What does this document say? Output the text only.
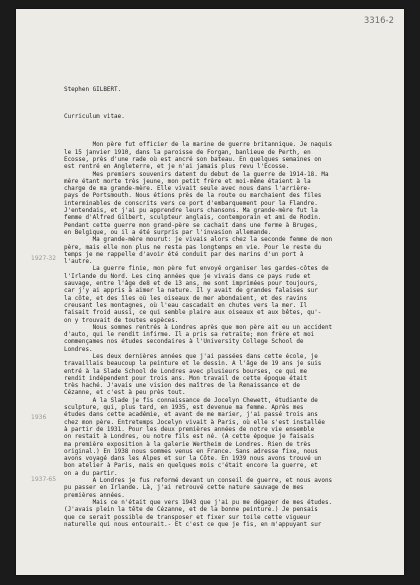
3316-2
1927-32
1936
1937-65

Stephen GILBERT.

Curriculum vitae.

Mon père fut officier de la marine de guerre britannique. Je naquis
le 15 janvier 1910, dans la paroisse de Forgan, banlieue de Perth, en
Ecosse, près d'une rade où est ancré son bateau. En quelques semaines on
est rentré en Angleterre, et je n'ai jamais plus revu l'Ecosse.
Mes premiers souvenirs datent du debut de la guerre de 1914-18. Ma
mère étant morte très jeune, mon petit frère et moi-même étaient à la
charge de ma grande-mère. Elle vivait seule avec nous dans l'arrière-
pays de Portsmouth. Nous étions près de la route ou marchaient des files
interminables de conscrits vers ce port d'embarquement pour la Flandre.
J'entendais, et j'ai pu apprendre leurs chansons. Ma grande-mère fut la
femme d'Alfred Gilbert, sculpteur anglais, contemporain et ami de Rodin.
Pendant cette guerre mon grand-père se cachait dans une ferme à Bruges,
en Belgique, ou il a été surpris par l'invasion allemande.
Ma grande-mère mourut: je vivais alors chez la seconde femme de mon
père, mais elle non plus ne resta pas longtemps en vie. Pour le reste du
temps je me rappelle d'avoir été conduit par des marins d'un port à
l'autre.
La guerre finie, mon père fut envoyé organiser les gardes-côtes de
l'Irlande du Nord. Les cinq années que je vivais dans ce pays rude et
sauvage, entre l'âge de8 et de 13 ans, me sont imprimées pour toujours,
car j'y ai appris à aimer la nature. Il y avait de grandes falaises sur
la côte, et des îles où les oiseaux de mer abondaient, et des ravins
creusant les montagnes, où l'eau cascadait en chutes vers la mer. Il
faisait froid aussi, ce qui semble plaire aux oiseaux et aux bêtes, qu'-
on y trouvait de toutes espèces.
Nous sommes rentrés à Londres après que mon père ait eu un accident
d'auto, qui le rendit infirme. Il a pris sa retraite; mon frère et moi
commençames nos études secondaires à l'University College School de
Londres.
Les deux dernières années que j'ai passées dans cette école, je
travaillais beaucoup la peinture et le dessin. A l'âge de 19 ans je suis
entré à la Slade School de Londres avec plusieurs bourses, ce qui me
rendit indépendent pour trois ans. Mon travail de cette époque était
très haché. J'avais une vision des maîtres de la Renaissance et de
Cézanne, et c'est à peu près tout.
A la Slade je fis connaissance de Jocelyn Chewett, étudiante de
sculpture, qui, plus tard, en 1935, est devenue ma femme. Après mes
études dans cette académie, et avant de me marier, j'ai passé trois ans
chez mon père. Entretemps Jocelyn vivait à Paris, où elle s'est installée
à partir de 1931. Pour les deux premières années de notre vie ensemble
on restait à Londres, ou notre fils est né. (A cette époque je faisais
ma première exposition à la galerie Wertheim de Londres. Rien de très
original.) En 1938 nous sommes venus en France. Sans adresse fixe, nous
avons voyagé dans les Alpes et sur la Côte. En 1939 nous avons trouvé un
bon atelier à Paris, mais en quelques mois c'était encore la guerre, et
on a du partir.
A Londres je fus reformé devant un conseil de guerre, et nous avons
pu passer en Irlande. Là, j'ai retrouvé cette nature sauvage de mes
premières années.
Mais ce n'était que vers 1943 que j'ai pu me dégager de mes études.
(J'avais plein la tête de Cézanne, et de la bonne peinture.) Je pensais
que ce serait possible de transposer et fixer sur toile cette vigueur
naturelle qui nous entourait.- Et c'est ce que je fis, en m'appuyant sur
